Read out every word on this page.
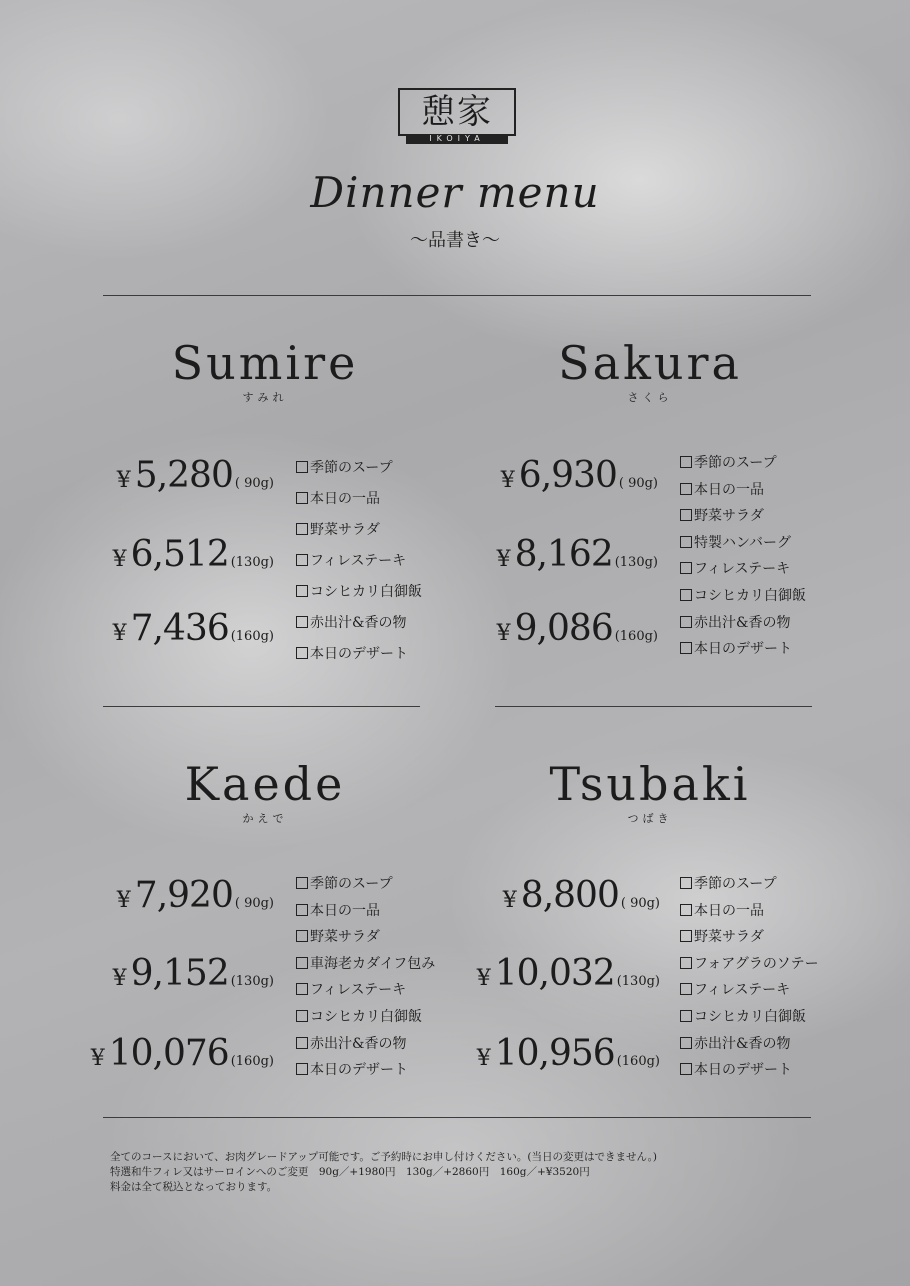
憩家
IKOIYA
Dinner menu
〜品書き〜
Sumire
すみれ
¥ 5,280 ( 90g)
¥ 6,512 (130g)
¥ 7,436 (160g)
季節のスープ
本日の一品
野菜サラダ
フィレステーキ
コシヒカリ白御飯
赤出汁&香の物
本日のデザート
Sakura
さくら
¥ 6,930 ( 90g)
¥ 8,162 (130g)
¥ 9,086 (160g)
季節のスープ
本日の一品
野菜サラダ
特製ハンバーグ
フィレステーキ
コシヒカリ白御飯
赤出汁&香の物
本日のデザート
Kaede
かえで
¥ 7,920 ( 90g)
¥ 9,152 (130g)
¥ 10,076 (160g)
季節のスープ
本日の一品
野菜サラダ
車海老カダイフ包み
フィレステーキ
コシヒカリ白御飯
赤出汁&香の物
本日のデザート
Tsubaki
つばき
¥ 8,800 ( 90g)
¥ 10,032 (130g)
¥ 10,956 (160g)
季節のスープ
本日の一品
野菜サラダ
フォアグラのソテー
フィレステーキ
コシヒカリ白御飯
赤出汁&香の物
本日のデザート
全てのコースにおいて、お肉グレードアップ可能です。ご予約時にお申し付けください。(当日の変更はできません。)
特選和牛フィレ又はサーロインへのご変更　90g／+1980円　130g／+2860円　160g／+¥3520円
料金は全て税込となっております。
